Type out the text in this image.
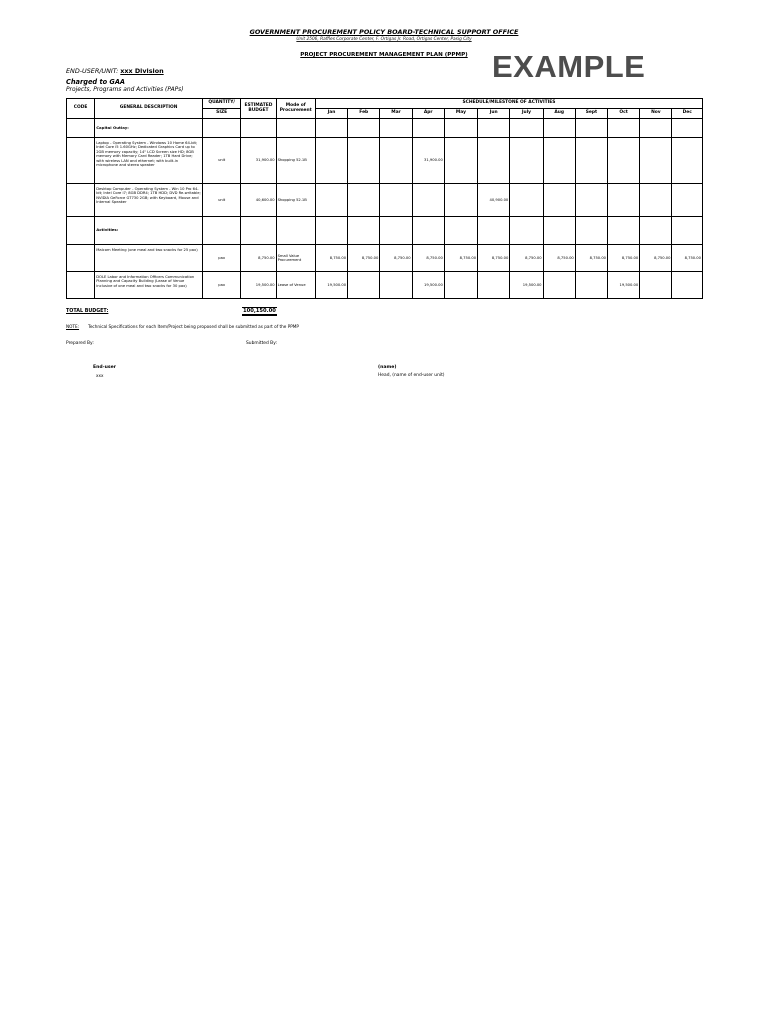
GOVERNMENT PROCUREMENT POLICY BOARD-TECHNICAL SUPPORT OFFICE
Unit 2506, Raffles Corporate Center, F. Ortigas Jr. Road, Ortigas Center, Pasig City
PROJECT PROCUREMENT MANAGEMENT PLAN (PPMP) EXAMPLE
END-USER/UNIT: xxx Division
Charged to GAA
Projects, Programs and Activities (PAPs)
CODE	GENERAL DESCRIPTION	QUANTITY/	ESTIMATED BUDGET	Mode of Procurement	SCHEDULE/MILESTONE OF ACTIVITIES											
		SIZE			Jan	Feb	Mar	Apr	May	Jun	July	Aug	Sept	Oct	Nov	Dec
	Capital Outlay:															
	Laptop - Operating System - Windows 10 Home 64-bit; Intel Core i5 1.60GHz; Dedicated Graphics Card up to 2GB memory capacity; 14" LCD Screen size HD; 8GB memory with Memory Card Reader; 1TB Hard Drive; with wireless LAN and ethernet; with built-in microphone and stereo speaker	unit	31,900.00	Shopping 52.1B				31,900.00								
	Desktop Computer - Operating System - Win 10 Pro 64-bit; Intel Core i7; 8GB DDR4; 1TB HDD; DVD Re-writable; NVIDIA GeForce GT730 2GB; with Keyboard, Mouse and Internal Speaker	unit	40,600.00	Shopping 52.1B						40,900.00						
	Activities:															
	Malcom Meeting (one meal and two snacks for 25 pax)	pax	8,750.00	Small Value Procurement	8,750.00	8,750.00	8,750.00	8,750.00	8,750.00	8,750.00	8,750.00	8,750.00	8,750.00	8,750.00	8,750.00	8,750.00
	DOLE Labor and Information Officers Communication Planning and Capacity Building (Lease of Venue inclusive of one meal and two snacks for 30 pax)	pax	19,500.00	Lease of Venue	19,500.00			19,500.00			19,500.00			19,500.00		
TOTAL BUDGET:	100,150.00
NOTE: Technical Specifications for each Item/Project being proposed shall be submitted as part of the PPMP
Prepared By:	Submitted By:
End-user
xxx
(name)
Head, (name of end-user unit)
